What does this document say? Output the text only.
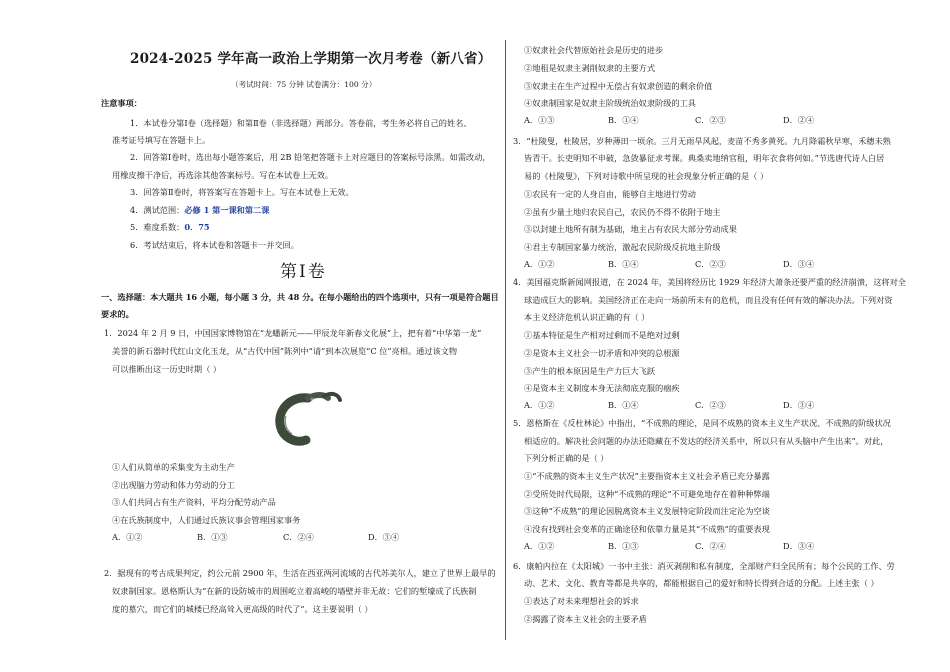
2024-2025 学年高一政治上学期第一次月考卷（新八省）
（考试时间：75 分钟 试卷满分：100 分）
注意事项：
1．本试卷分第Ⅰ卷（选择题）和第Ⅱ卷（非选择题）两部分。答卷前，考生务必将自己的姓名、
准考证号填写在答题卡上。
2．回答第Ⅰ卷时，选出每小题答案后，用 2B 铅笔把答题卡上对应题目的答案标号涂黑。如需改动，
用橡皮擦干净后，再选涂其他答案标号。写在本试卷上无效。
3．回答第Ⅱ卷时，将答案写在答题卡上。写在本试卷上无效。
4．测试范围：必修 1 第一课和第二课
5．难度系数：0．75
6．考试结束后，将本试卷和答题卡一并交回。
第Ⅰ卷
一、选择题：本大题共 16 小题，每小题 3 分，共 48 分。在每小题给出的四个选项中，只有一项是符合题目
要求的。
1．2024 年 2 月 9 日，中国国家博物馆在“龙蟠新元——甲辰龙年新春文化展”上，把有着“中华第一龙”
美誉的新石器时代红山文化玉龙，从“古代中国”陈列中“请”到本次展览“C 位”亮相。通过该文物
可以推断出这一历史时期（ ）
①人们从简单的采集变为主动生产
②出现脑力劳动和体力劳动的分工
③人们共同占有生产资料，平均分配劳动产品
④在氏族制度中，人们通过氏族议事会管理国家事务
A．①②	B．①③	C．②④	D．③④
2．据现有的考古成果判定，约公元前 2900 年，生活在西亚两河流域的古代苏美尔人，建立了世界上最早的
奴隶制国家。恩格斯认为“在新的设防城市的周围屹立着高峻的墙壁并非无故：它们的堑壕成了氏族制
度的墓穴，而它们的城楼已经高耸入更高级的时代了”。这主要说明（ ）
①奴隶社会代替原始社会是历史的进步
②地租是奴隶主剥削奴隶的主要方式
③奴隶主在生产过程中无偿占有奴隶创造的剩余价值
④奴隶制国家是奴隶主阶级统治奴隶阶级的工具
A．①③	B．①④	C．②③	D．②④
3．“杜陵叟，杜陵居，岁种薄田一顷余。三月无雨旱风起，麦苗不秀多黄死。九月降霜秋早寒，禾穗未熟
皆青干。长吏明知不申破，急敛暴征求考课。典桑卖地纳官租，明年衣食将何如。”节选唐代诗人白居
易的《杜陵叟》，下列对诗歌中所呈现的社会现象分析正确的是（ ）
①农民有一定的人身自由，能够自主地进行劳动
②虽有少量土地归农民自己，农民仍不得不依附于地主
③以封建土地所有制为基础，地主占有农民大部分劳动成果
④君主专制国家暴力统治，激起农民阶级反抗地主阶级
A．①②	B．①④	C．②③	D．③④
4．美国福克斯新闻网报道，在 2024 年，美国将经历比 1929 年经济大萧条还要严重的经济崩溃，这将对全
球造成巨大的影响。美国经济正在走向一场前所未有的危机，而且没有任何有效的解决办法。下列对资
本主义经济危机认识正确的有（ ）
①基本特征是生产相对过剩而不是绝对过剩
②是资本主义社会一切矛盾和冲突的总根源
③产生的根本原因是生产力巨大飞跃
④是资本主义制度本身无法彻底克服的痼疾
A．①②	B．①④	C．②③	D．③④
5．恩格斯在《反杜林论》中指出，“不成熟的理论，是同不成熟的资本主义生产状况、不成熟的阶级状况
相适应的。解决社会问题的办法还隐藏在不发达的经济关系中，所以只有从头脑中产生出来”。对此，
下列分析正确的是（ ）
①“不成熟的资本主义生产状况”主要指资本主义社会矛盾已充分暴露
②受所处时代局限，这种“不成熟的理论”不可避免地存在着种种弊端
③这种“不成熟”的理论因脱离资本主义发展特定阶段而注定沦为空谈
④没有找到社会变革的正确途径和依靠力量是其“不成熟”的重要表现
A．①②	B．①③	C．②④	D．③④
6．康帕内拉在《太阳城》一书中主张：消灭剥削和私有制度，全部财产归全民所有；每个公民的工作、劳
动、艺术、文化、教育等都是共享的，都能根据自己的爱好和特长得到合适的分配。上述主张（ ）
①表达了对未来理想社会的诉求
②揭露了资本主义社会的主要矛盾
